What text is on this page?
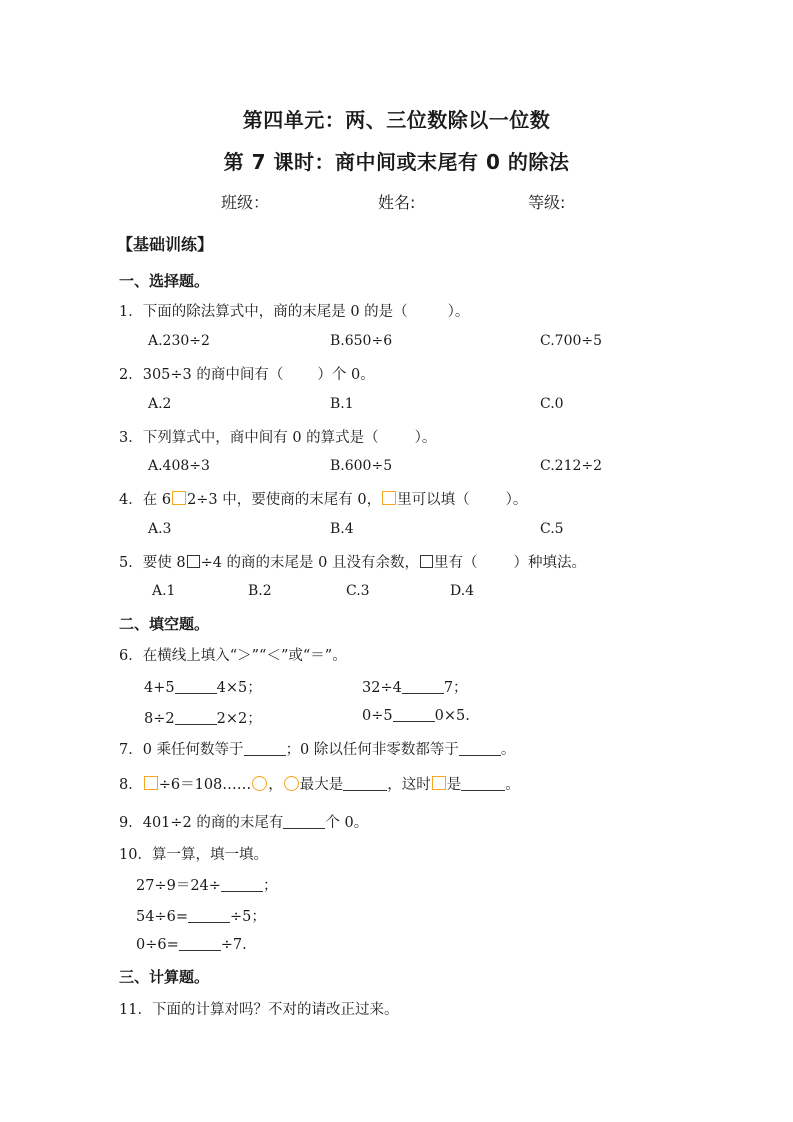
第四单元：两、三位数除以一位数
第 7 课时：商中间或末尾有 0 的除法
班级：	姓名:	等级:
【基础训练】
一、选择题。
1．下面的除法算式中，商的末尾是 0 的是（	）。
A.230÷2	B.650÷6	C.700÷5
2．305÷3 的商中间有（ ）个 0。
A.2	B.1	C.0
3．下列算式中，商中间有 0 的算式是（ ）。
A.408÷3	B.600÷5	C.212÷2
4．在 6 2÷3 中，要使商的末尾有 0， 里可以填（ ）。
A.3	B.4	C.5
5．要使 8 ÷4 的商的末尾是 0 且没有余数， 里有（ ）种填法。
A.1	B.2	C.3	D.4
二、填空题。
6．在横线上填入“＞”“＜”或“＝”。
4+5	4×5；	32÷4	7；
8÷2	2×2；	0÷5	0×5.
7．0 乘任何数等于	；0 除以任何非零数都等于	。
8． ÷6＝108…… ， 最大是	，这时 是	。
9．401÷2 的商的末尾有	个 0。
10．算一算，填一填。
27÷9＝24÷	；
54÷6=	÷5；
0÷6=	÷7.
三、计算题。
11．下面的计算对吗？不对的请改正过来。
